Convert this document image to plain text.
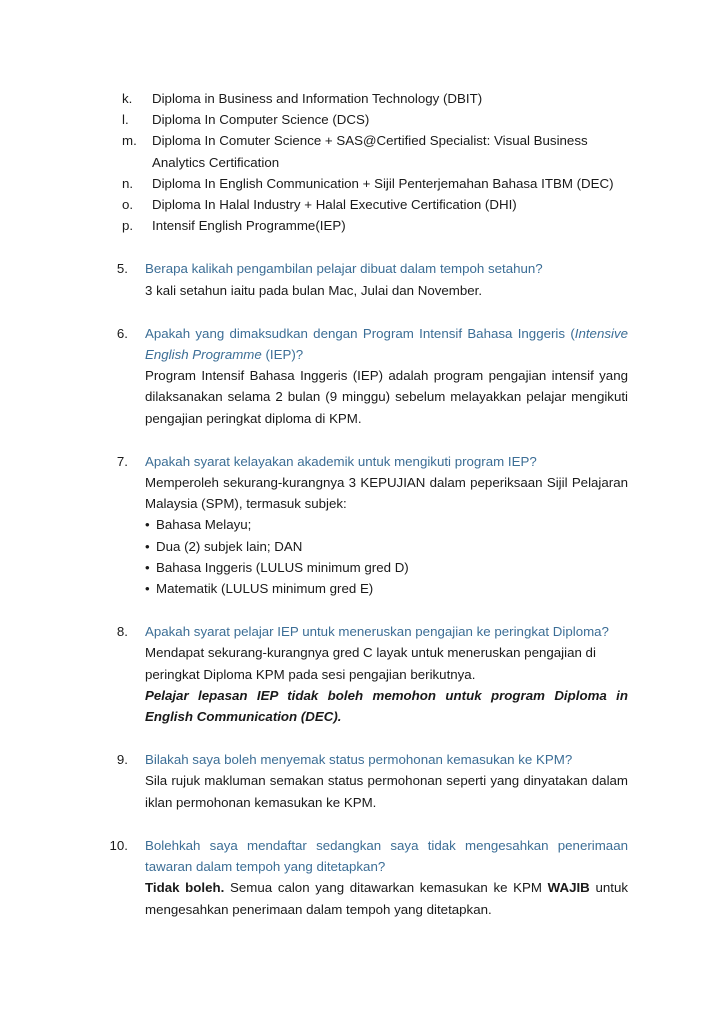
k.	Diploma in Business and Information Technology (DBIT)
l.	Diploma In Computer Science (DCS)
m.	Diploma In Comuter Science + SAS@Certified Specialist: Visual Business Analytics Certification
n.	Diploma In English Communication + Sijil Penterjemahan Bahasa ITBM (DEC)
o.	Diploma In Halal Industry + Halal Executive Certification (DHI)
p.	Intensif English Programme(IEP)
5. Berapa kalikah pengambilan pelajar dibuat dalam tempoh setahun?

3 kali setahun iaitu pada bulan Mac, Julai dan November.

6. Apakah yang dimaksudkan dengan Program Intensif Bahasa Inggeris (Intensive English Programme (IEP)?

Program Intensif Bahasa Inggeris (IEP) adalah program pengajian intensif yang dilaksanakan selama 2 bulan (9 minggu) sebelum melayakkan pelajar mengikuti pengajian peringkat diploma di KPM.

7. Apakah syarat kelayakan akademik untuk mengikuti program IEP?

Memperoleh sekurang-kurangnya 3 KEPUJIAN dalam peperiksaan Sijil Pelajaran Malaysia (SPM), termasuk subjek:

• Bahasa Melayu;
• Dua (2) subjek lain; DAN
• Bahasa Inggeris (LULUS minimum gred D)
• Matematik (LULUS minimum gred E)
8. Apakah syarat pelajar IEP untuk meneruskan pengajian ke peringkat Diploma?

Mendapat sekurang-kurangnya gred C layak untuk meneruskan pengajian di peringkat Diploma KPM pada sesi pengajian berikutnya.

Pelajar lepasan IEP tidak boleh memohon untuk program Diploma in English Communication (DEC).

9. Bilakah saya boleh menyemak status permohonan kemasukan ke KPM?

Sila rujuk makluman semakan status permohonan seperti yang dinyatakan dalam iklan permohonan kemasukan ke KPM.

10. Bolehkah saya mendaftar sedangkan saya tidak mengesahkan penerimaan tawaran dalam tempoh yang ditetapkan?

Tidak boleh. Semua calon yang ditawarkan kemasukan ke KPM WAJIB untuk mengesahkan penerimaan dalam tempoh yang ditetapkan.
